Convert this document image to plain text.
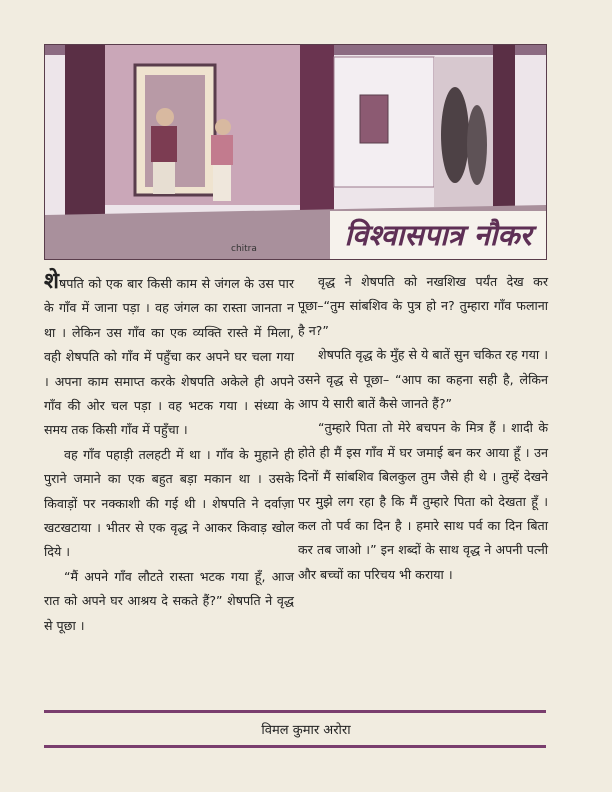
chitra	विश्वासपात्र नौकर

शेषपति को एक बार किसी काम से जंगल के उस पार के गाँव में जाना पड़ा । वह जंगल का रास्ता जानता न था । लेकिन उस गाँव का एक व्यक्ति रास्ते में मिला, वही शेषपति को गाँव में पहुँचा कर अपने घर चला गया । अपना काम समाप्त करके शेषपति अकेले ही अपने गाँव की ओर चल पड़ा । वह भटक गया । संध्या के समय तक किसी गाँव में पहुँचा ।

वह गाँव पहाड़ी तलहटी में था । गाँव के मुहाने ही पुराने जमाने का एक बहुत बड़ा मकान था । उसके किवाड़ों पर नक्काशी की गई थी । शेषपति ने दर्वाज़ा खटखटाया । भीतर से एक वृद्ध ने आकर किवाड़ खोल दिये ।

“मैं अपने गाँव लौटते रास्ता भटक गया हूँ, आज रात को अपने घर आश्रय दे सकते हैं?” शेषपति ने वृद्ध से पूछा ।

वृद्ध ने शेषपति को नखशिख पर्यंत देख कर पूछा–“तुम सांबशिव के पुत्र हो न? तुम्हारा गाँव फलाना है न?”

शेषपति वृद्ध के मुँह से ये बातें सुन चकित रह गया । उसने वृद्ध से पूछा– “आप का कहना सही है, लेकिन आप ये सारी बातें कैसे जानते हैं?”

“तुम्हारे पिता तो मेरे बचपन के मित्र हैं । शादी के होते ही मैं इस गाँव में घर जमाई बन कर आया हूँ । उन दिनों मैं सांबशिव बिलकुल तुम जैसे ही थे । तुम्हें देखने पर मुझे लग रहा है कि मैं तुम्हारे पिता को देखता हूँ । कल तो पर्व का दिन है । हमारे साथ पर्व का दिन बिता कर तब जाओ ।” इन शब्दों के साथ वृद्ध ने अपनी पत्नी और बच्चों का परिचय भी कराया ।

विमल कुमार अरोरा
